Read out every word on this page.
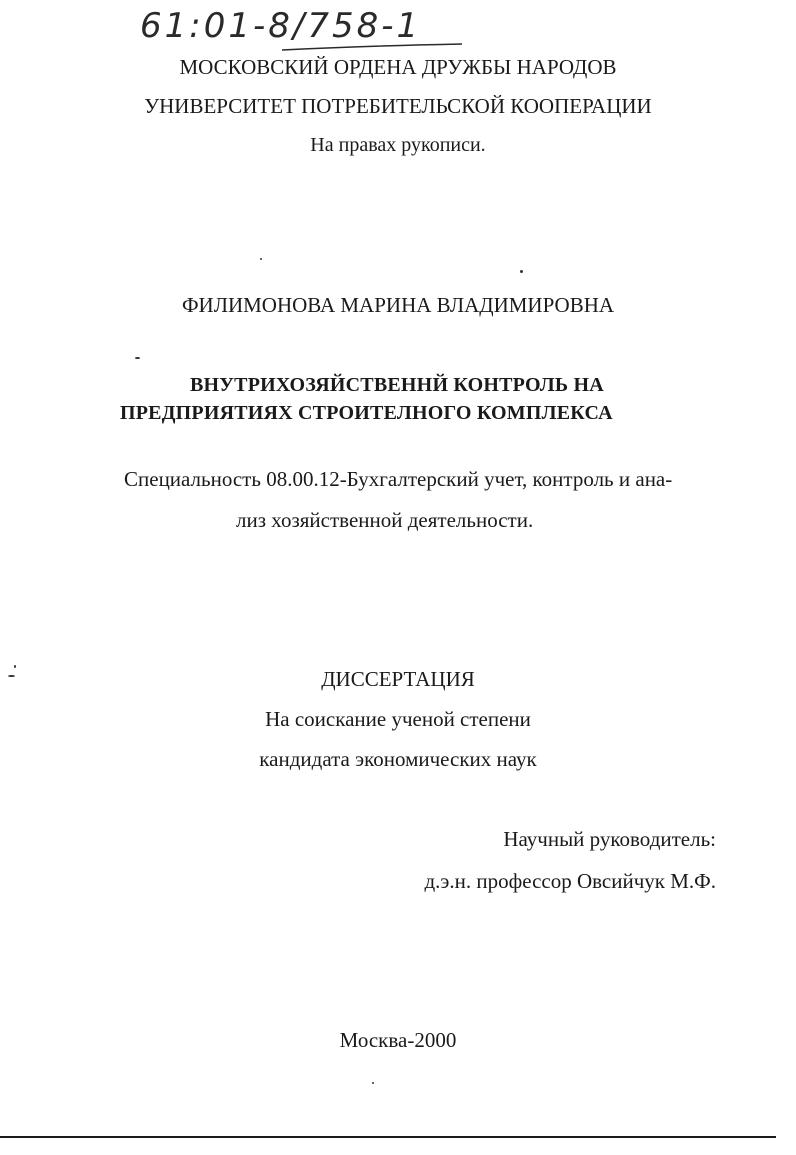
61:01-8/758-1

МОСКОВСКИЙ ОРДЕНА ДРУЖБЫ НАРОДОВ

УНИВЕРСИТЕТ ПОТРЕБИТЕЛЬСКОЙ КООПЕРАЦИИ

На правах рукописи.

ФИЛИМОНОВА МАРИНА ВЛАДИМИРОВНА

ВНУТРИХОЗЯЙСТВЕННЙ КОНТРОЛЬ НА

ПРЕДПРИЯТИЯХ СТРОИТЕЛНОГО КОМПЛЕКСА

Специальность 08.00.12-Бухгалтерский учет, контроль и ана-

лиз хозяйственной деятельности.

ДИССЕРТАЦИЯ

На соискание ученой степени

кандидата экономических наук

Научный руководитель:

д.э.н. профессор Овсийчук М.Ф.

Москва-2000
